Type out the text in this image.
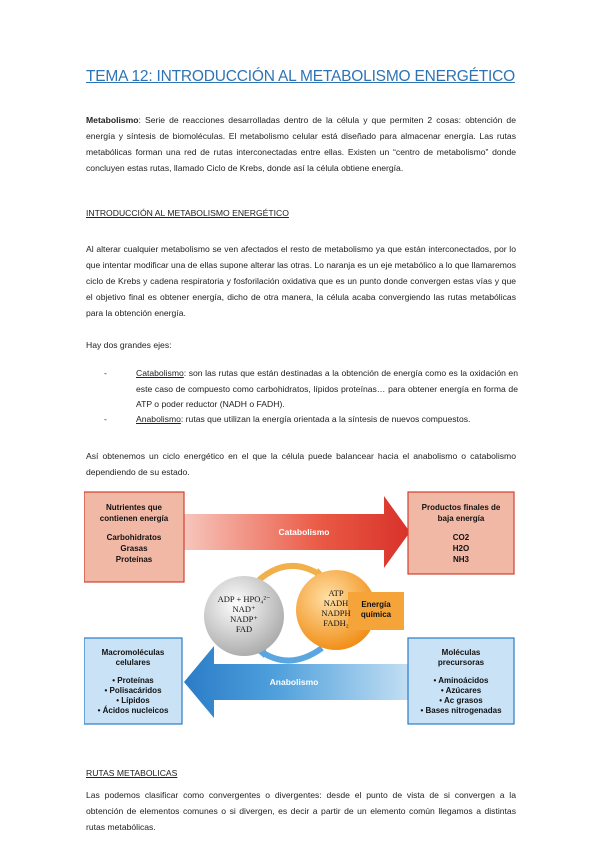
TEMA 12: INTRODUCCIÓN AL METABOLISMO ENERGÉTICO

Metabolismo: Serie de reacciones desarrolladas dentro de la célula y que permiten 2 cosas: obtención de energía y síntesis de biomoléculas. El metabolismo celular está diseñado para almacenar energía. Las rutas metabólicas forman una red de rutas interconectadas entre ellas. Existen un “centro de metabolismo” donde concluyen estas rutas, llamado Ciclo de Krebs, donde así la célula obtiene energía.

INTRODUCCIÓN AL METABOLISMO ENERGÉTICO

Al alterar cualquier metabolismo se ven afectados el resto de metabolismo ya que están interconectados, por lo que intentar modificar una de ellas supone alterar las otras. Lo naranja es un eje metabólico a lo que llamaremos ciclo de Krebs y cadena respiratoria y fosforilación oxidativa que es un punto donde convergen estas vías y que el objetivo final es obtener energía, dicho de otra manera, la célula acaba convergiendo las rutas metabólicas para la obtención energía.

Hay dos grandes ejes:

-	Catabolismo: son las rutas que están destinadas a la obtención de energía como es la oxidación en este caso de compuesto como carbohidratos, lípidos proteínas… para obtener energía en forma de ATP o poder reductor (NADH o FADH).
-	Anabolismo: rutas que utilizan la energía orientada a la síntesis de nuevos compuestos.

Así obtenemos un ciclo energético en el que la célula puede balancear hacia el anabolismo o catabolismo dependiendo de su estado.

Nutrientes que
contienen energía
Carbohidratos
Grasas
Proteínas
Productos finales de
baja energía
CO2
H2O
NH3
Macromoléculas
celulares
• Proteínas
• Polisacáridos
• Lípidos
• Ácidos nucleicos
Moléculas
precursoras
• Aminoácidos
• Azúcares
• Ac grasos
• Bases nitrogenadas
Catabolismo
Anabolismo
ADP + HPO₄²⁻
NAD⁺
NADP⁺
FAD
ATP
NADH
NADPH
FADH₂
Energía
química
RUTAS METABOLICAS

Las podemos clasificar como convergentes o divergentes: desde el punto de vista de si convergen a la obtención de elementos comunes o si divergen, es decir a partir de un elemento común llegamos a distintas rutas metabólicas.
